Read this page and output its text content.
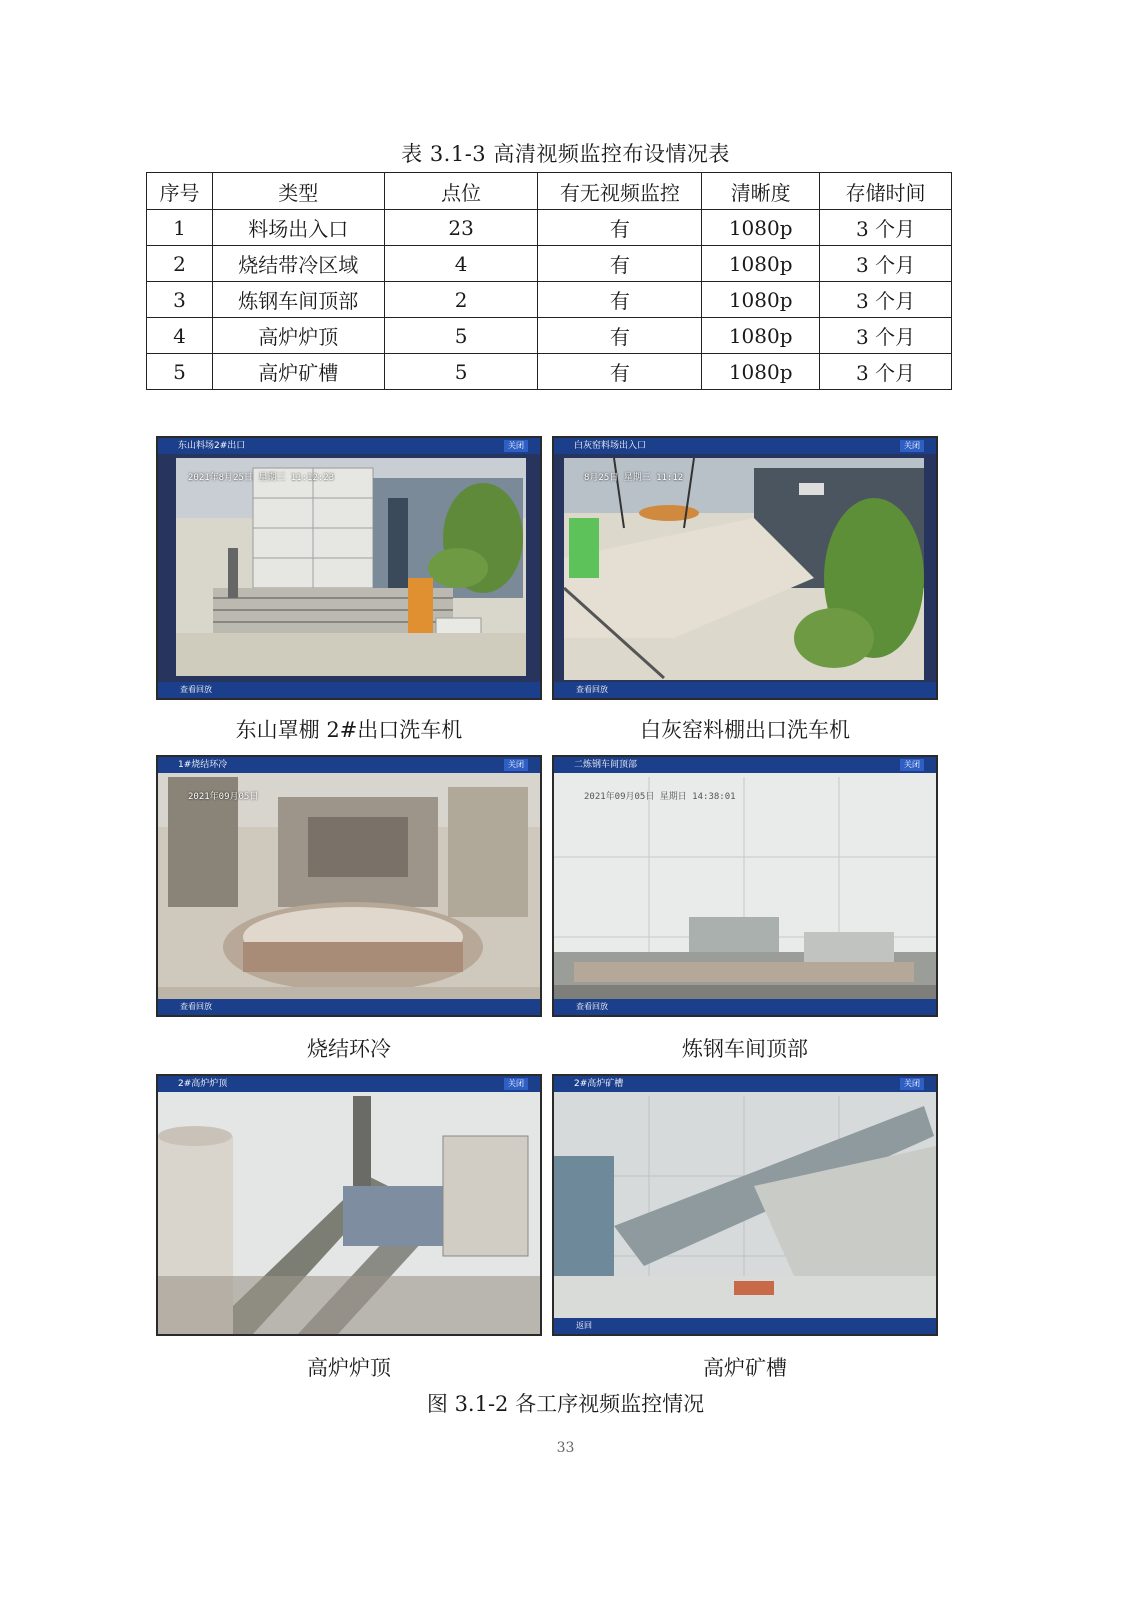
表 3.1-3 高清视频监控布设情况表
序号	类型	点位	有无视频监控	清晰度	存储时间
1	料场出入口	23	有	1080p	3 个月
2	烧结带冷区域	4	有	1080p	3 个月
3	炼钢车间顶部	2	有	1080p	3 个月
4	高炉炉顶	5	有	1080p	3 个月
5	高炉矿槽	5	有	1080p	3 个月
东山料场2#出口	关闭
2021年8月25日 星期三 11:12:23
查看回放
东山罩棚 2#出口洗车机
白灰窑料场出入口	关闭
8月25日 星期三 11:12
查看回放
白灰窑料棚出口洗车机
1#烧结环冷	关闭
2021年09月05日
查看回放
烧结环冷
二炼钢车间顶部	关闭
2021年09月05日 星期日 14:38:01
查看回放
炼钢车间顶部
2#高炉炉顶	关闭
高炉炉顶
2#高炉矿槽	关闭
返回
高炉矿槽
图 3.1-2 各工序视频监控情况
33
